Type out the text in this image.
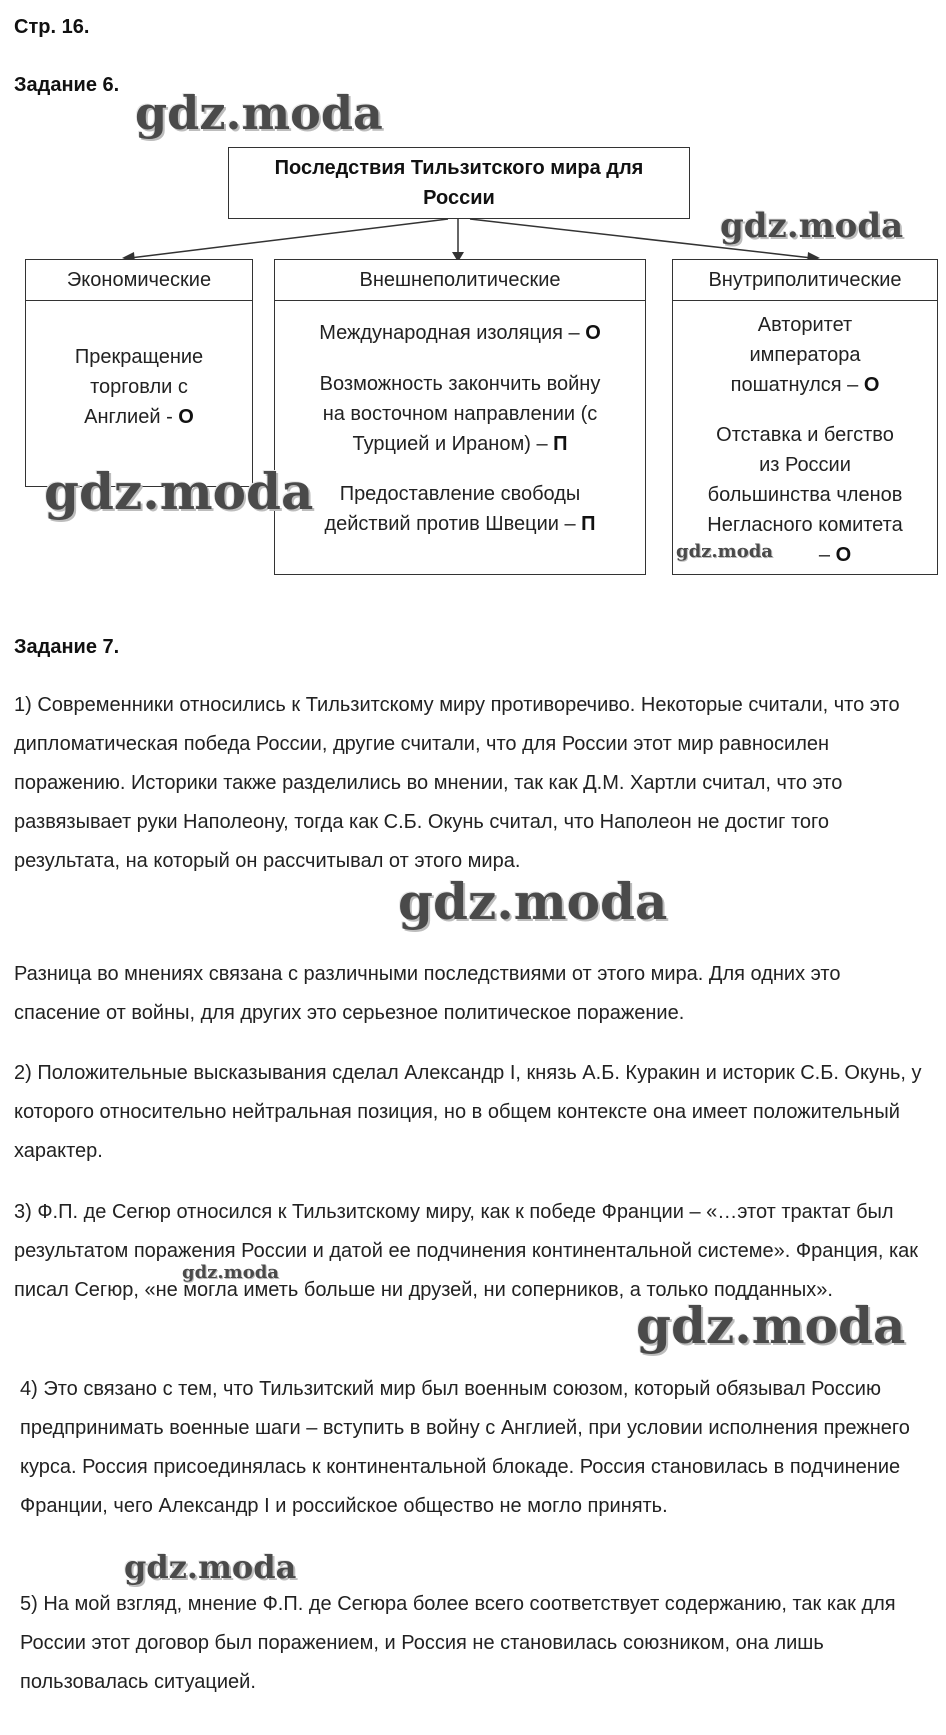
Стр. 16.
Задание 6.
Последствия Тильзитского мира для
России
Экономические
Прекращение
торговли с
Англией - О
Внешнеполитические
Международная изоляция – О
Возможность закончить войну
на восточном направлении (с
Турцией и Ираном) – П
Предоставление свободы
действий против Швеции – П
Внутриполитические
Авторитет
императора
пошатнулся – О
Отставка и бегство
из России
большинства членов
Негласного комитета
– О
Задание 7.

1) Современники относились к Тильзитскому миру противоречиво. Некоторые считали, что это дипломатическая победа России, другие считали, что для России этот мир равносилен поражению. Историки также разделились во мнении, так как Д.М. Хартли считал, что это развязывает руки Наполеону, тогда как С.Б. Окунь считал, что Наполеон не достиг того результата, на который он рассчитывал от этого мира.

Разница во мнениях связана с различными последствиями от этого мира. Для одних это спасение от войны, для других это серьезное политическое поражение.

2) Положительные высказывания сделал Александр I, князь А.Б. Куракин и историк С.Б. Окунь, у которого относительно нейтральная позиция, но в общем контексте она имеет положительный характер.

3) Ф.П. де Сегюр относился к Тильзитскому миру, как к победе Франции – «…этот трактат был результатом поражения России и датой ее подчинения континентальной системе». Франция, как писал Сегюр, «не могла иметь больше ни друзей, ни соперников, а только подданных».

4) Это связано с тем, что Тильзитский мир был военным союзом, который обязывал Россию предпринимать военные шаги – вступить в войну с Англией, при условии исполнения прежнего курса. Россия присоединялась к континентальной блокаде. Россия становилась в подчинение Франции, чего Александр I и российское общество не могло принять.

5) На мой взгляд, мнение Ф.П. де Сегюра более всего соответствует содержанию, так как для России этот договор был поражением, и Россия не становилась союзником, она лишь пользовалась ситуацией.

gdz.moda
gdz.moda
gdz.moda
gdz.moda
gdz.moda
gdz.moda
gdz.moda
gdz.moda
